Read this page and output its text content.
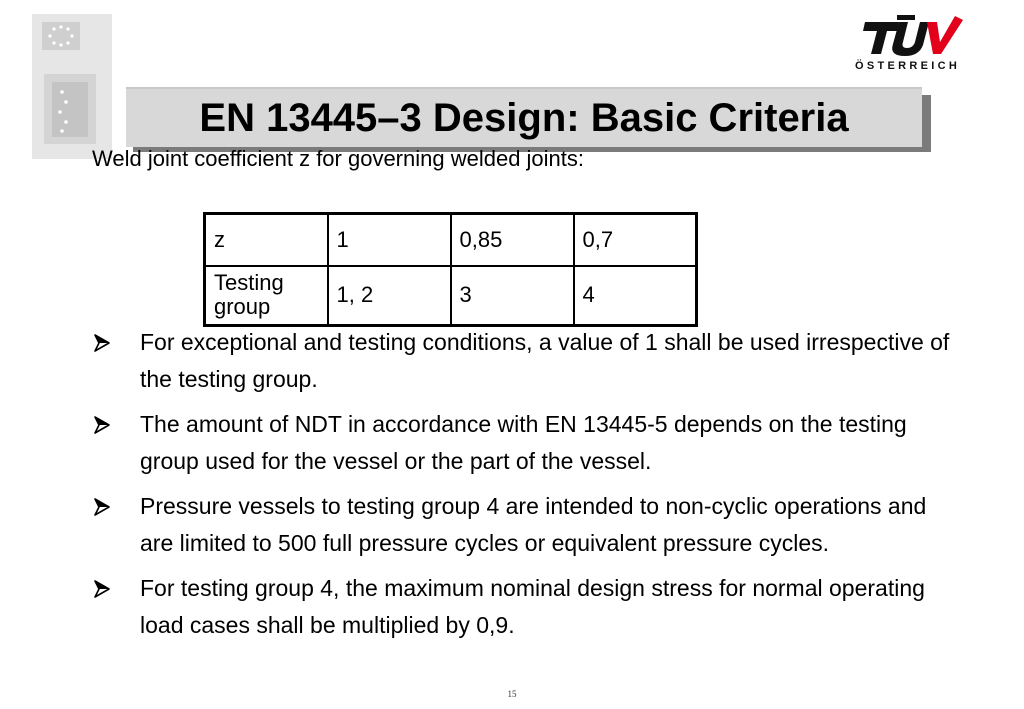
ÖSTERREICH
EN 13445–3 Design: Basic Criteria
Weld joint coefficient z for governing welded joints:
z	1	0,85	0,7
Testing group	1, 2	3	4
For exceptional and testing conditions, a value of 1 shall be used irrespective of the testing group.
The amount of NDT in accordance with EN 13445-5 depends on the testing group used for the vessel or the part of the vessel.
Pressure vessels to testing group 4 are intended to non-cyclic operations and are limited to 500 full pressure cycles or equivalent pressure cycles.
For testing group 4, the maximum nominal design stress for normal operating load cases shall be multiplied by 0,9.
15
